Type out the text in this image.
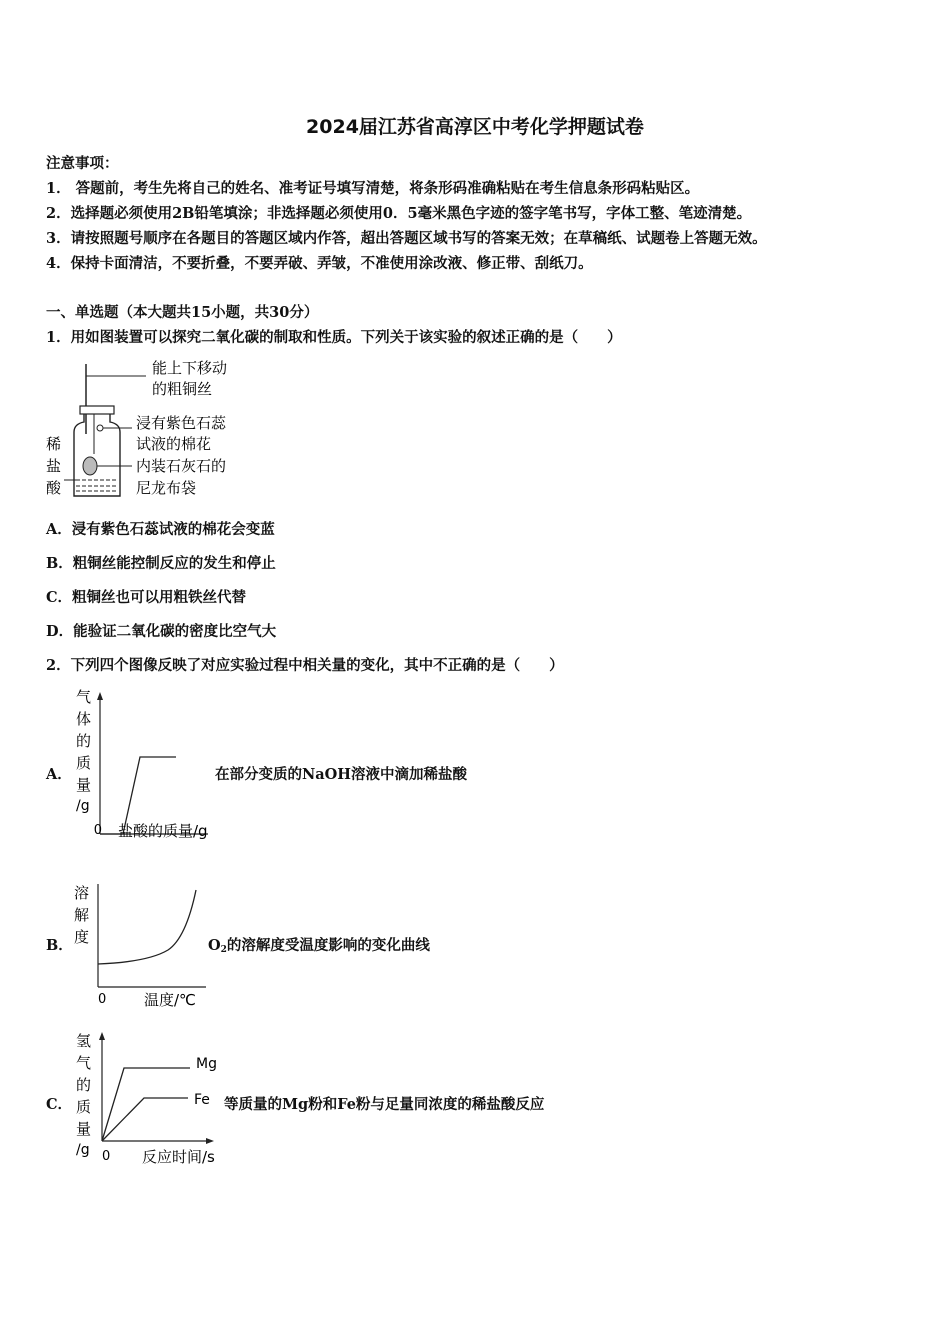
2024届江苏省高淳区中考化学押题试卷
注意事项：
1． 答题前，考生先将自己的姓名、准考证号填写清楚，将条形码准确粘贴在考生信息条形码粘贴区。
2．选择题必须使用2B铅笔填涂；非选择题必须使用0．5毫米黑色字迹的签字笔书写，字体工整、笔迹清楚。
3．请按照题号顺序在各题目的答题区域内作答，超出答题区域书写的答案无效；在草稿纸、试题卷上答题无效。
4．保持卡面清洁，不要折叠，不要弄破、弄皱，不准使用涂改液、修正带、刮纸刀。
一、单选题（本大题共15小题，共30分）
1．用如图装置可以探究二氧化碳的制取和性质。下列关于该实验的叙述正确的是（　　）
能上下移动
的粗铜丝
浸有紫色石蕊
试液的棉花
内装石灰石的
尼龙布袋
稀
盐
酸
A．浸有紫色石蕊试液的棉花会变蓝
B．粗铜丝能控制反应的发生和停止
C．粗铜丝也可以用粗铁丝代替
D．能验证二氧化碳的密度比空气大
2．下列四个图像反映了对应实验过程中相关量的变化，其中不正确的是（　　）
A．
气
体
的
质
量
/g
0 盐酸的质量/g
在部分变质的NaOH溶液中滴加稀盐酸
B．
溶
解
度
0	温度/℃
$O_2$的溶解度受温度影响的变化曲线
C．
Mg
Fe
氢
气
的
质
量
/g 0 反应时间/s
等质量的Mg粉和Fe粉与足量同浓度的稀盐酸反应
